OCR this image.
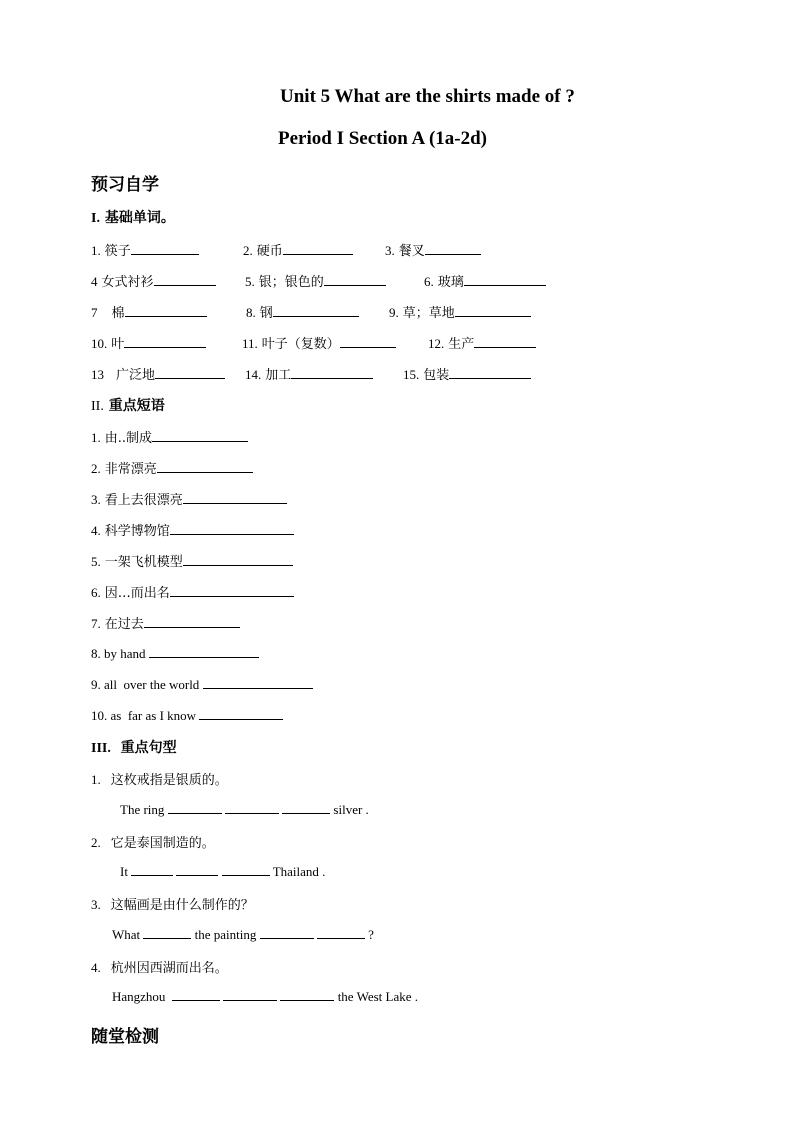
Unit 5 What are the shirts made of ?
Period I Section A (1a-2d)
预习自学
I. 基础单词。
1. 筷子	2. 硬币	3. 餐叉
4 女式衬衫	5. 银；银色的	6. 玻璃
7 棉	8. 钢	9. 草；草地
10. 叶	11. 叶子（复数）	12. 生产
13 广泛地	14. 加工	15. 包装
II. 重点短语
1. 由..制成
2. 非常漂亮
3. 看上去很漂亮
4. 科学博物馆
5. 一架飞机模型
6. 因…而出名
7. 在过去
8. by hand
9. all  over the world
10. as  far as I know
III. 重点句型
1. 这枚戒指是银质的。
The ring	silver .
2. 它是泰国制造的。
It	Thailand .
3. 这幅画是由什么制作的？
What	the painting	?
4. 杭州因西湖而出名。
Hangzhou	the West Lake .
随堂检测
